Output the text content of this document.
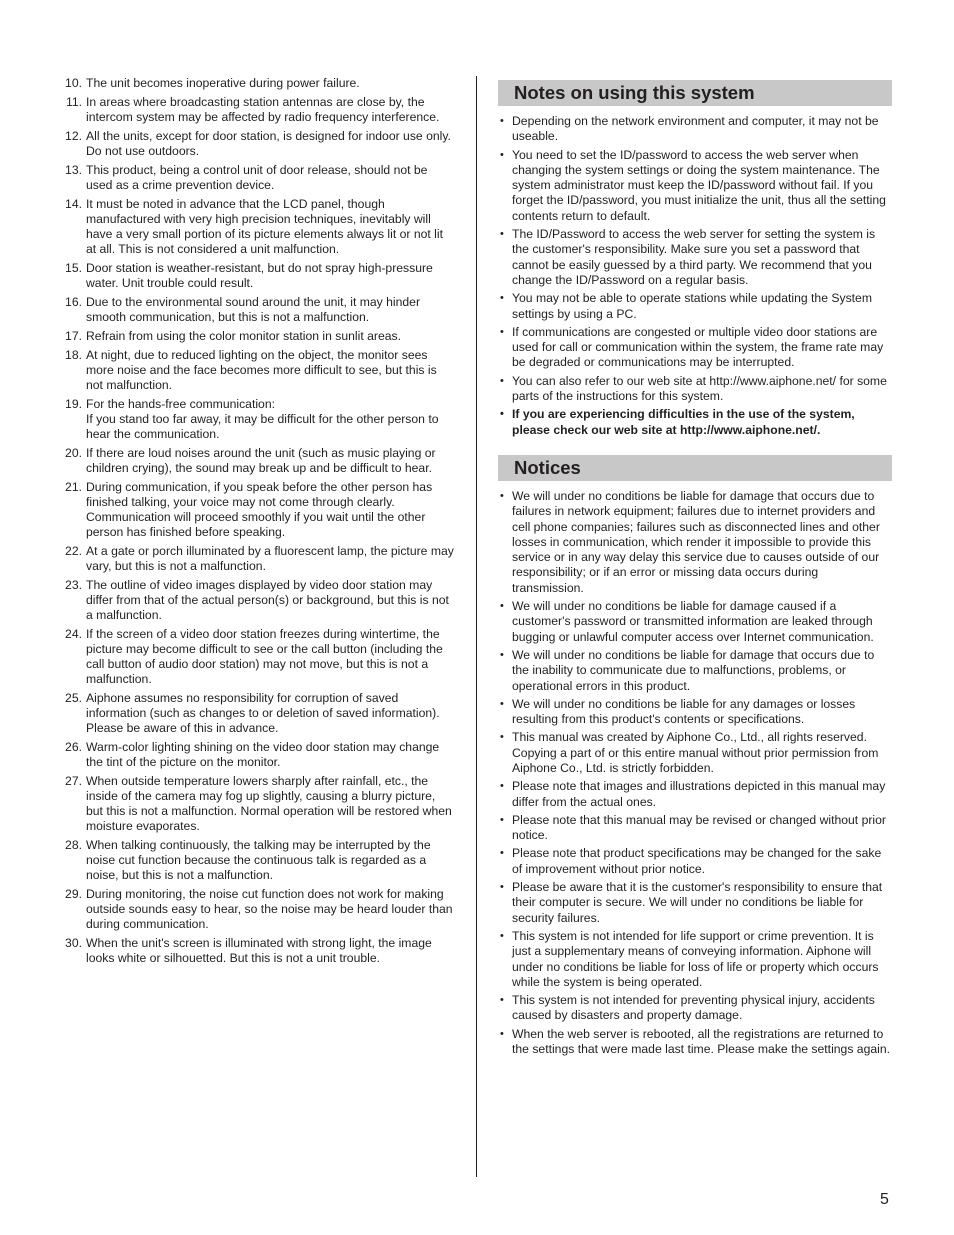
10. The unit becomes inoperative during power failure.
11. In areas where broadcasting station antennas are close by, the intercom system may be affected by radio frequency interference.
12. All the units, except for door station, is designed for indoor use only. Do not use outdoors.
13. This product, being a control unit of door release, should not be used as a crime prevention device.
14. It must be noted in advance that the LCD panel, though manufactured with very high precision techniques, inevitably will have a very small portion of its picture elements always lit or not lit at all. This is not considered a unit malfunction.
15. Door station is weather-resistant, but do not spray high-pressure water. Unit trouble could result.
16. Due to the environmental sound around the unit, it may hinder smooth communication, but this is not a malfunction.
17. Refrain from using the color monitor station in sunlit areas.
18. At night, due to reduced lighting on the object, the monitor sees more noise and the face becomes more difficult to see, but this is not malfunction.
19. For the hands-free communication:
If you stand too far away, it may be difficult for the other person to hear the communication.
20. If there are loud noises around the unit (such as music playing or children crying), the sound may break up and be difficult to hear.
21. During communication, if you speak before the other person has finished talking, your voice may not come through clearly. Communication will proceed smoothly if you wait until the other person has finished before speaking.
22. At a gate or porch illuminated by a fluorescent lamp, the picture may vary, but this is not a malfunction.
23. The outline of video images displayed by video door station may differ from that of the actual person(s) or background, but this is not a malfunction.
24. If the screen of a video door station freezes during wintertime, the picture may become difficult to see or the call button (including the call button of audio door station) may not move, but this is not a malfunction.
25. Aiphone assumes no responsibility for corruption of saved information (such as changes to or deletion of saved information). Please be aware of this in advance.
26. Warm-color lighting shining on the video door station may change the tint of the picture on the monitor.
27. When outside temperature lowers sharply after rainfall, etc., the inside of the camera may fog up slightly, causing a blurry picture, but this is not a malfunction. Normal operation will be restored when moisture evaporates.
28. When talking continuously, the talking may be interrupted by the noise cut function because the continuous talk is regarded as a noise, but this is not a malfunction.
29. During monitoring, the noise cut function does not work for making outside sounds easy to hear, so the noise may be heard louder than during communication.
30. When the unit's screen is illuminated with strong light, the image looks white or silhouetted. But this is not a unit trouble.
Notes on using this system
• Depending on the network environment and computer, it may not be useable.
• You need to set the ID/password to access the web server when changing the system settings or doing the system maintenance. The system administrator must keep the ID/password without fail. If you forget the ID/password, you must initialize the unit, thus all the setting contents return to default.
• The ID/Password to access the web server for setting the system is the customer's responsibility. Make sure you set a password that cannot be easily guessed by a third party. We recommend that you change the ID/Password on a regular basis.
• You may not be able to operate stations while updating the System settings by using a PC.
• If communications are congested or multiple video door stations are used for call or communication within the system, the frame rate may be degraded or communications may be interrupted.
• You can also refer to our web site at http://www.aiphone.net/ for some parts of the instructions for this system.
• If you are experiencing difficulties in the use of the system, please check our web site at http://www.aiphone.net/.
Notices
• We will under no conditions be liable for damage that occurs due to failures in network equipment; failures due to internet providers and cell phone companies; failures such as disconnected lines and other losses in communication, which render it impossible to provide this service or in any way delay this service due to causes outside of our responsibility; or if an error or missing data occurs during transmission.
• We will under no conditions be liable for damage caused if a customer's password or transmitted information are leaked through bugging or unlawful computer access over Internet communication.
• We will under no conditions be liable for damage that occurs due to the inability to communicate due to malfunctions, problems, or operational errors in this product.
• We will under no conditions be liable for any damages or losses resulting from this product's contents or specifications.
• This manual was created by Aiphone Co., Ltd., all rights reserved. Copying a part of or this entire manual without prior permission from Aiphone Co., Ltd. is strictly forbidden.
• Please note that images and illustrations depicted in this manual may differ from the actual ones.
• Please note that this manual may be revised or changed without prior notice.
• Please note that product specifications may be changed for the sake of improvement without prior notice.
• Please be aware that it is the customer's responsibility to ensure that their computer is secure. We will under no conditions be liable for security failures.
• This system is not intended for life support or crime prevention. It is just a supplementary means of conveying information. Aiphone will under no conditions be liable for loss of life or property which occurs while the system is being operated.
• This system is not intended for preventing physical injury, accidents caused by disasters and property damage.
• When the web server is rebooted, all the registrations are returned to the settings that were made last time. Please make the settings again.
5
